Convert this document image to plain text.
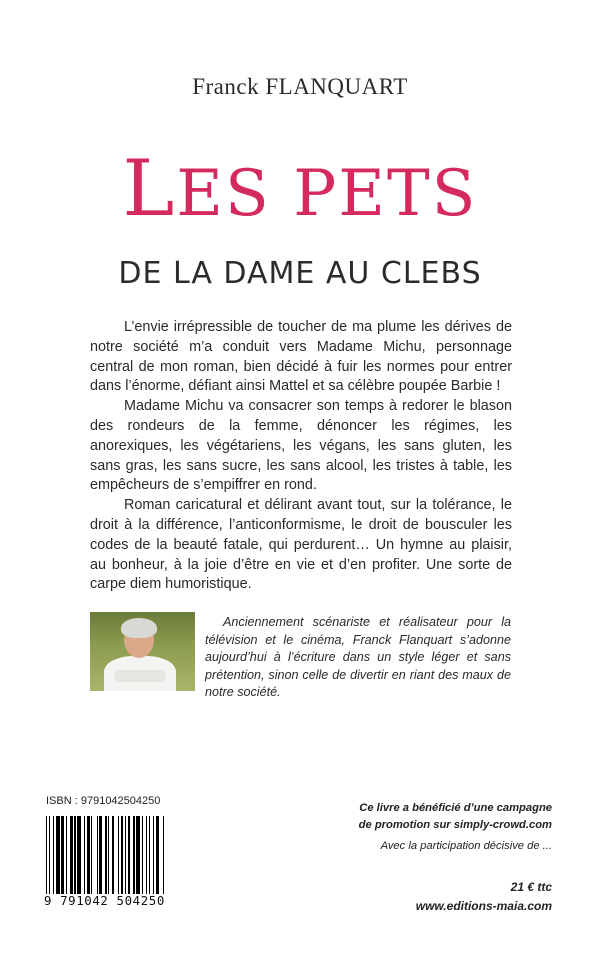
Franck FLANQUART
LES PETS
DE LA DAME AU CLEBS

L’envie irrépressible de toucher de ma plume les dérives de notre société m’a conduit vers Madame Michu, personnage central de mon roman, bien décidé à fuir les normes pour entrer dans l’énorme, défiant ainsi Mattel et sa célèbre poupée Barbie !

Madame Michu va consacrer son temps à redorer le blason des rondeurs de la femme, dénoncer les régimes, les anorexiques, les végétariens, les végans, les sans gluten, les sans gras, les sans sucre, les sans alcool, les tristes à table, les empêcheurs de s’empiffrer en rond.

Roman caricatural et délirant avant tout, sur la tolérance, le droit à la différence, l’anticonformisme, le droit de bousculer les codes de la beauté fatale, qui perdurent… Un hymne au plaisir, au bonheur, à la joie d’être en vie et d’en profiter. Une sorte de carpe diem humoristique.

Anciennement scénariste et réalisateur pour la télévision et le cinéma, Franck Flanquart s’adonne aujourd’hui à l’écriture dans un style léger et sans prétention, sinon celle de divertir en riant des maux de notre société.

ISBN : 9791042504250
9 791042 504250
Ce livre a bénéficié d’une campagne
de promotion sur simply-crowd.com
Avec la participation décisive de ...
21 € ttc
www.editions-maia.com
